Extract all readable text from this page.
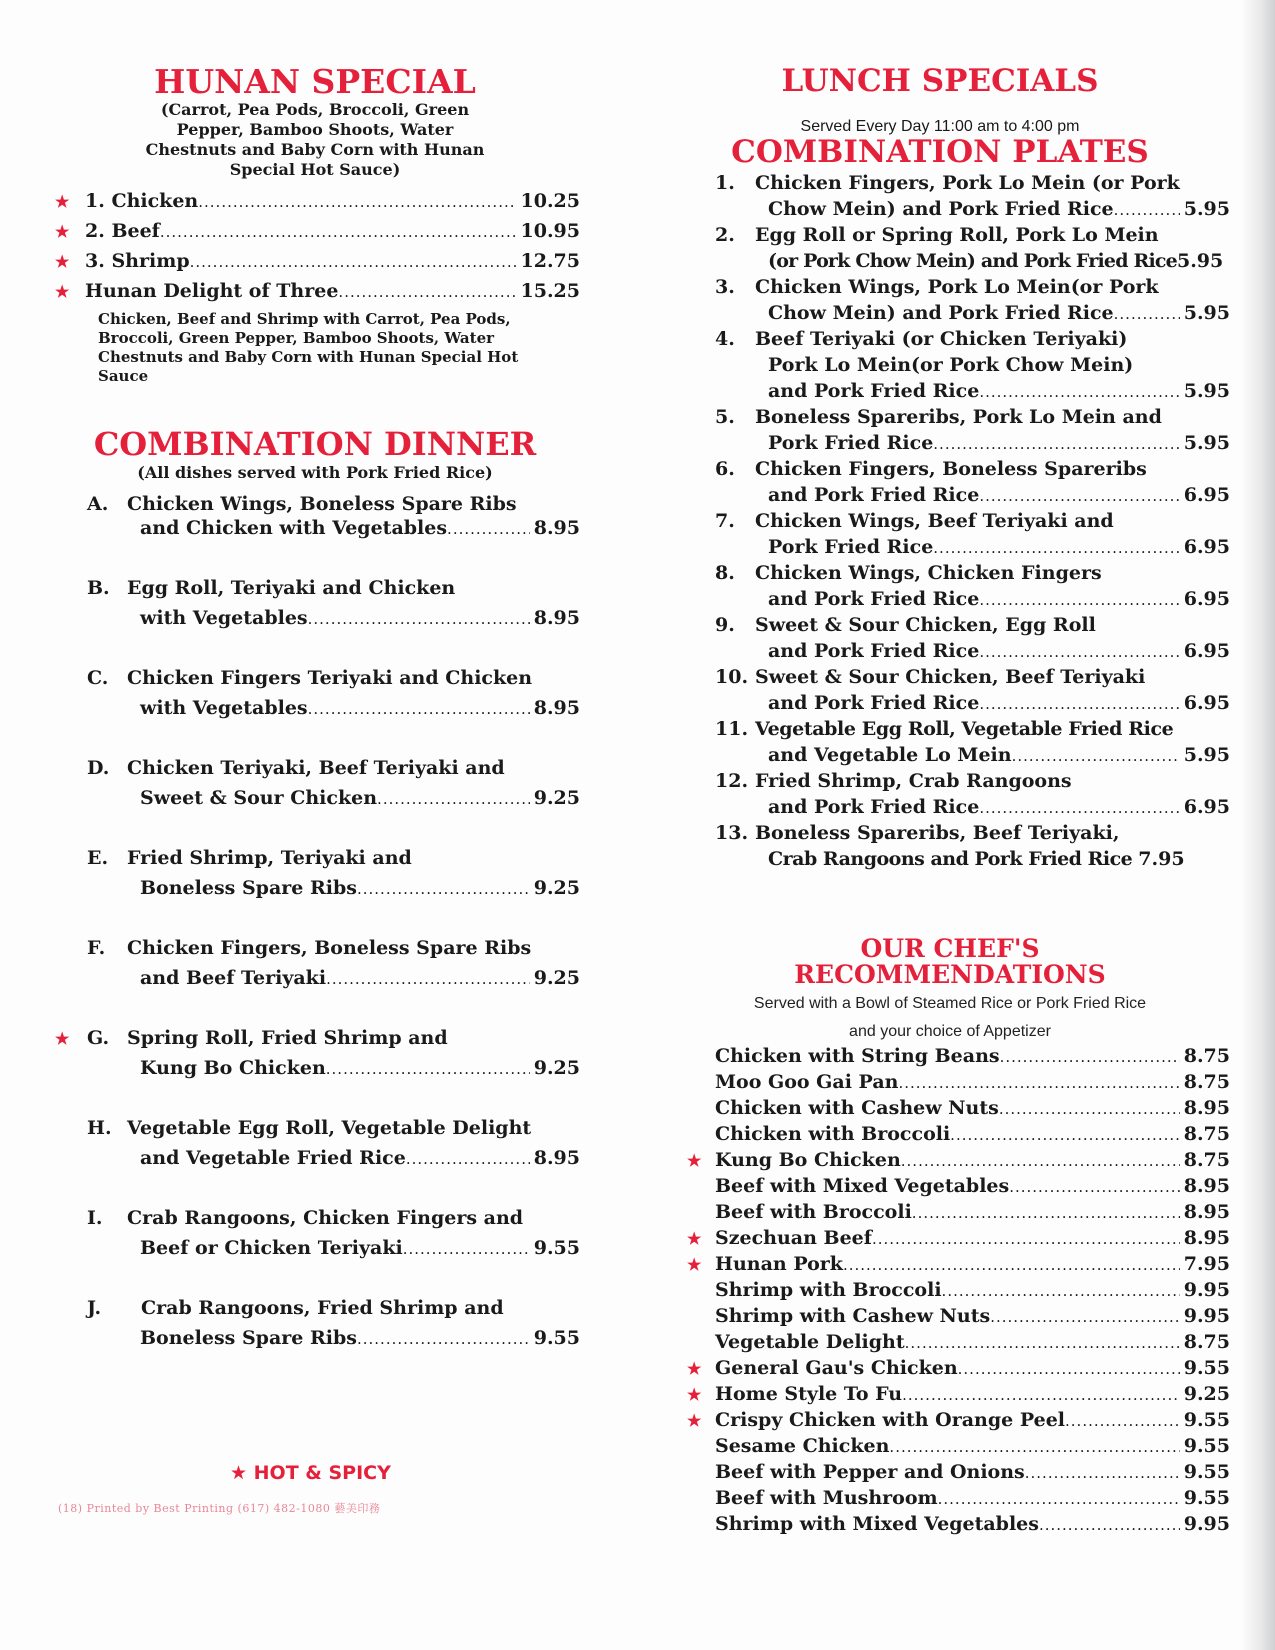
HUNAN SPECIAL
(Carrot, Pea Pods, Broccoli, Green Pepper, Bamboo Shoots, Water Chestnuts and Baby Corn with Hunan Special Hot Sauce)
★ 1. Chicken .....	10.25
★ 2. Beef .....	10.95
★ 3. Shrimp .....	12.75
★ Hunan Delight of Three .....	15.25
Chicken, Beef and Shrimp with Carrot, Pea Pods, Broccoli, Green Pepper, Bamboo Shoots, Water Chestnuts and Baby Corn with Hunan Special Hot Sauce
COMBINATION DINNER
(All dishes served with Pork Fried Rice)
A. Chicken Wings, Boneless Spare Ribs
and Chicken with Vegetables .....	8.95
B. Egg Roll, Teriyaki and Chicken
with Vegetables .....	8.95
C. Chicken Fingers Teriyaki and Chicken
with Vegetables .....	8.95
D. Chicken Teriyaki, Beef Teriyaki and
Sweet & Sour Chicken .....	9.25
E. Fried Shrimp, Teriyaki and
Boneless Spare Ribs .....	9.25
F.	Chicken Fingers, Boneless Spare Ribs
and Beef Teriyaki .....	9.25
★ G. Spring Roll, Fried Shrimp and
Kung Bo Chicken .....	9.25
H. Vegetable Egg Roll, Vegetable Delight
and Vegetable Fried Rice .....	8.95
I.	Crab Rangoons, Chicken Fingers and
Beef or Chicken Teriyaki .....	9.55
J.	Crab Rangoons, Fried Shrimp and
Boneless Spare Ribs .....	9.55
★ HOT & SPICY
(18) Printed by Best Printing (617) 482-1080 藝美印務
LUNCH SPECIALS
Served Every Day 11:00 am to 4:00 pm
COMBINATION PLATES
1.	Chicken Fingers, Pork Lo Mein (or Pork
Chow Mein) and Pork Fried Rice .....	5.95
2.	Egg Roll or Spring Roll, Pork Lo Mein
(or Pork Chow Mein) and Pork Fried Rice 5.95
3.	Chicken Wings, Pork Lo Mein(or Pork
Chow Mein) and Pork Fried Rice .....	5.95
4.	Beef Teriyaki (or Chicken Teriyaki)
Pork Lo Mein(or Pork Chow Mein)
and Pork Fried Rice .....	5.95
5.	Boneless Spareribs, Pork Lo Mein and
Pork Fried Rice .....	5.95
6.	Chicken Fingers, Boneless Spareribs
and Pork Fried Rice .....	6.95
7.	Chicken Wings, Beef Teriyaki and
Pork Fried Rice .....	6.95
8.	Chicken Wings, Chicken Fingers
and Pork Fried Rice .....	6.95
9.	Sweet & Sour Chicken, Egg Roll
and Pork Fried Rice .....	6.95
10. Sweet & Sour Chicken, Beef Teriyaki
and Pork Fried Rice .....	6.95
11. Vegetable Egg Roll, Vegetable Fried Rice
and Vegetable Lo Mein .....	5.95
12. Fried Shrimp, Crab Rangoons
and Pork Fried Rice .....	6.95
13. Boneless Spareribs, Beef Teriyaki,
Crab Rangoons and Pork Fried Rice 7.95
OUR CHEF'S RECOMMENDATIONS
Served with a Bowl of Steamed Rice or Pork Fried Rice
and your choice of Appetizer
Chicken with String Beans .....	8.75
Moo Goo Gai Pan .....	8.75
Chicken with Cashew Nuts .....	8.95
Chicken with Broccoli .....	8.75
★ Kung Bo Chicken .....	8.75
Beef with Mixed Vegetables .....	8.95
Beef with Broccoli .....	8.95
★ Szechuan Beef .....	8.95
★ Hunan Pork .....	7.95
Shrimp with Broccoli .....	9.95
Shrimp with Cashew Nuts .....	9.95
Vegetable Delight .....	8.75
★ General Gau's Chicken .....	9.55
★ Home Style To Fu .....	9.25
★ Crispy Chicken with Orange Peel .....	9.55
Sesame Chicken .....	9.55
Beef with Pepper and Onions .....	9.55
Beef with Mushroom .....	9.55
Shrimp with Mixed Vegetables .....	9.95
